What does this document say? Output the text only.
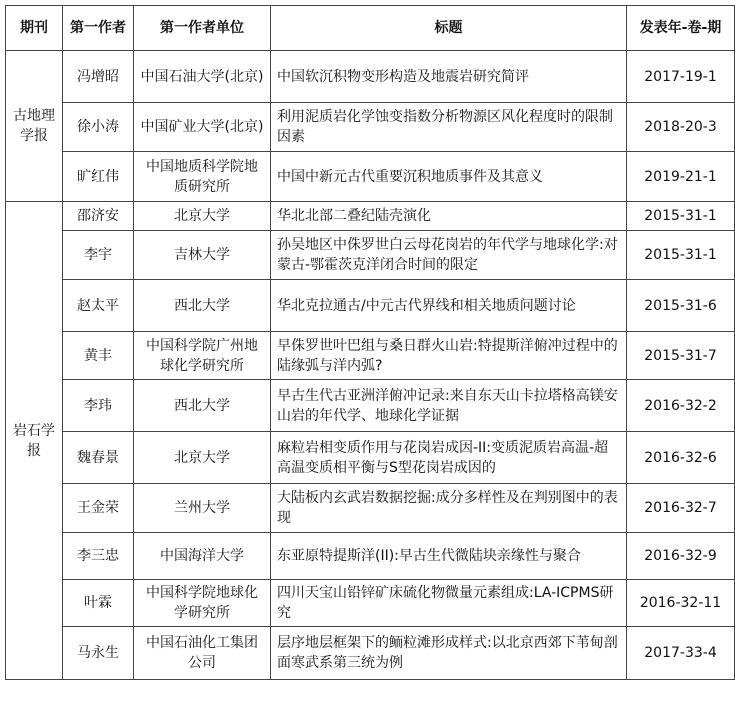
期刊	第一作者	第一作者单位	标题	发表年-卷-期
古地理学报	冯增昭	中国石油大学(北京)	中国软沉积物变形构造及地震岩研究简评	2017-19-1
	徐小涛	中国矿业大学(北京)	利用泥质岩化学蚀变指数分析物源区风化程度时的限制因素	2018-20-3
	旷红伟	中国地质科学院地质研究所	中国中新元古代重要沉积地质事件及其意义	2019-21-1
岩石学报	邵济安	北京大学	华北北部二叠纪陆壳演化	2015-31-1
	李宇	吉林大学	孙吴地区中侏罗世白云母花岗岩的年代学与地球化学:对蒙古-鄂霍茨克洋闭合时间的限定	2015-31-1
	赵太平	西北大学	华北克拉通古/中元古代界线和相关地质问题讨论	2015-31-6
	黄丰	中国科学院广州地球化学研究所	早侏罗世叶巴组与桑日群火山岩:特提斯洋俯冲过程中的陆缘弧与洋内弧?	2015-31-7
	李玮	西北大学	早古生代古亚洲洋俯冲记录:来自东天山卡拉塔格高镁安山岩的年代学、地球化学证据	2016-32-2
	魏春景	北京大学	麻粒岩相变质作用与花岗岩成因-II:变质泥质岩高温-超高温变质相平衡与S型花岗岩成因的	2016-32-6
	王金荣	兰州大学	大陆板内玄武岩数据挖掘:成分多样性及在判别图中的表现	2016-32-7
	李三忠	中国海洋大学	东亚原特提斯洋(II):早古生代微陆块亲缘性与聚合	2016-32-9
	叶霖	中国科学院地球化学研究所	四川天宝山铅锌矿床硫化物微量元素组成:LA-ICPMS研究	2016-32-11
	马永生	中国石油化工集团公司	层序地层框架下的鲕粒滩形成样式:以北京西郊下苇甸剖面寒武系第三统为例	2017-33-4
